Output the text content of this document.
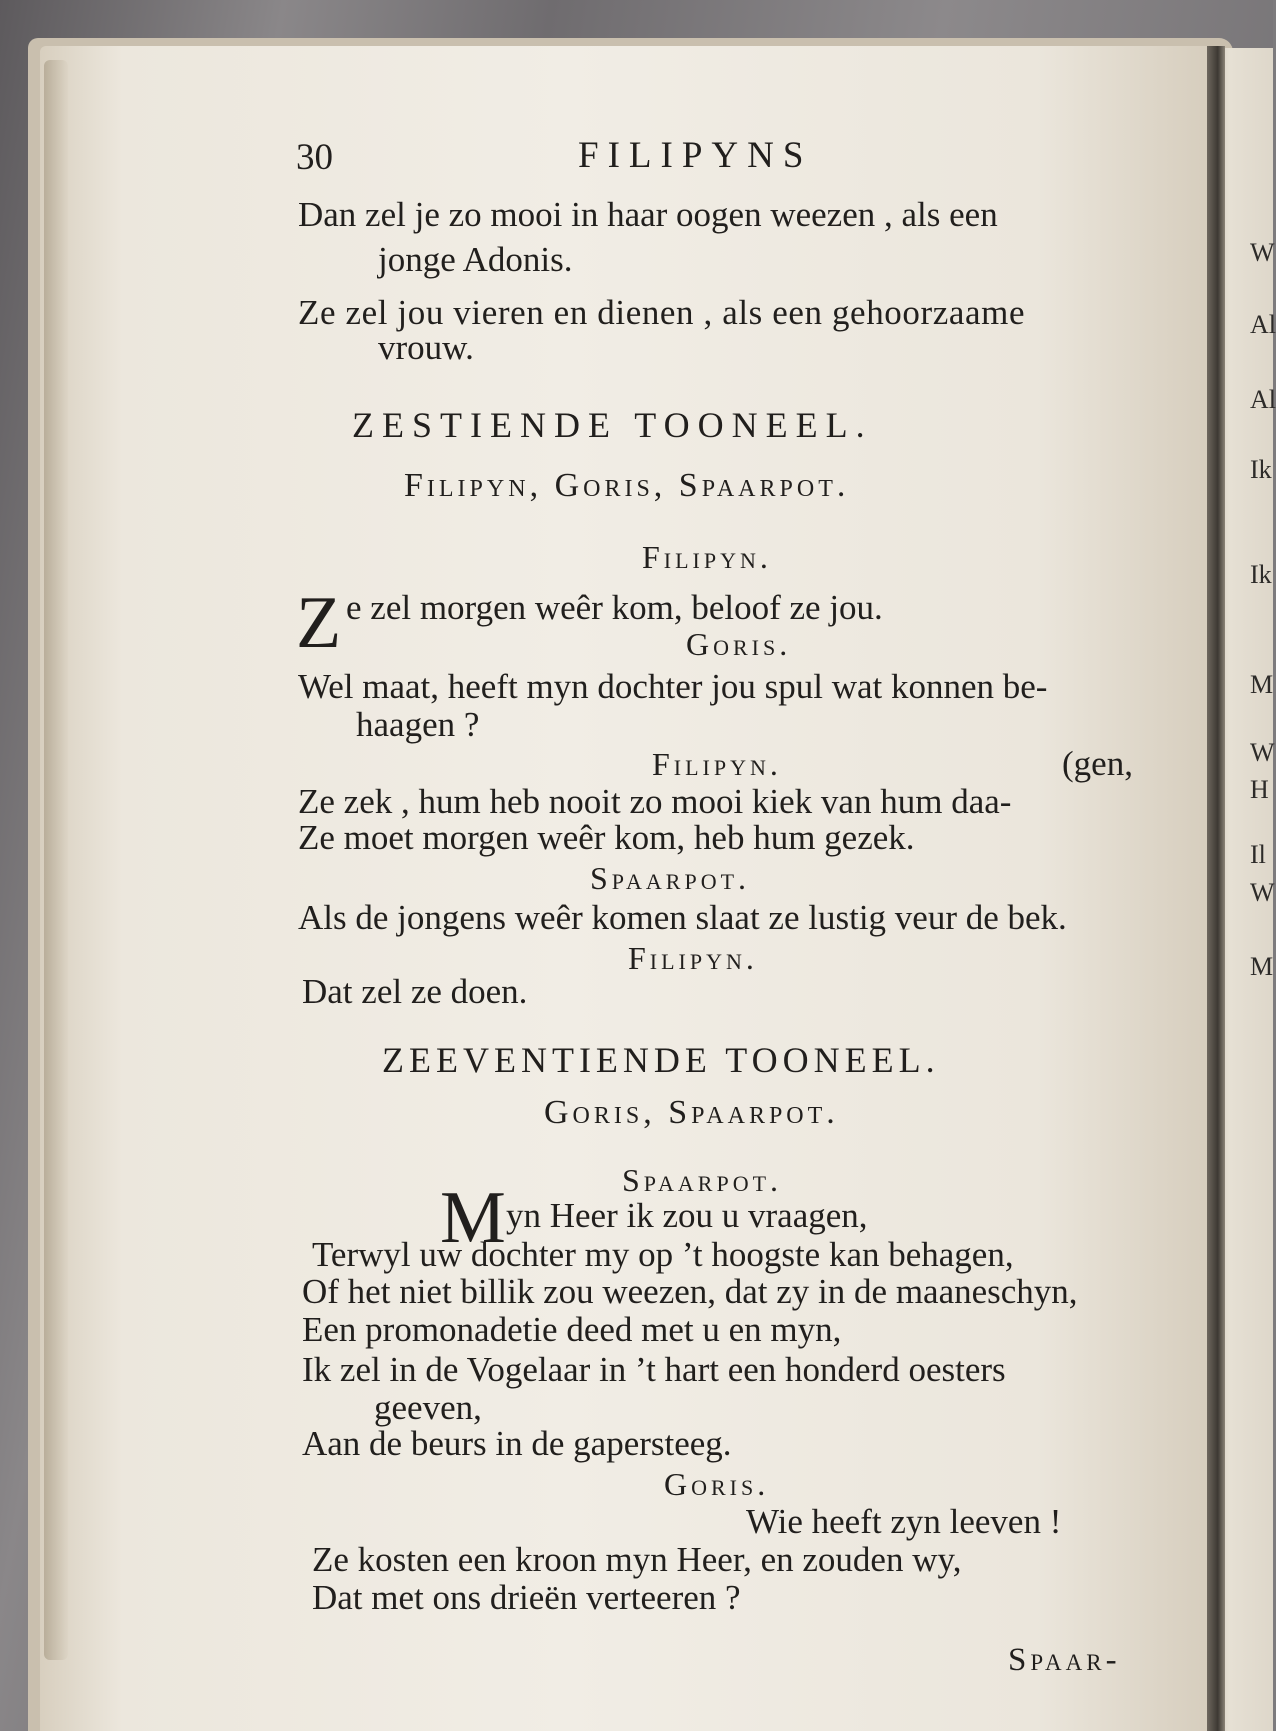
W
Al
Al
Ik
Ik
M
W
H
Il
W
M
30	FILIPYNS
Dan zel je zo mooi in haar oogen weezen , als een
jonge Adonis.
Ze zel jou vieren en dienen , als een gehoorzaame
vrouw.
ZESTIENDE TOONEEL.
Filipyn, Goris, Spaarpot.
Filipyn.
Z e zel morgen weêr kom, beloof ze jou.
Goris.
Wel maat, heeft myn dochter jou spul wat konnen be-
haagen ?
Filipyn.	(gen,
Ze zek , hum heb nooit zo mooi kiek van hum daa-
Ze moet morgen weêr kom, heb hum gezek.
Spaarpot.
Als de jongens weêr komen slaat ze lustig veur de bek.
Filipyn.
Dat zel ze doen.
ZEEVENTIENDE TOONEEL.
Goris, Spaarpot.
Spaarpot.
M yn Heer ik zou u vraagen,
Terwyl uw dochter my op ’t hoogste kan behagen,
Of het niet billik zou weezen, dat zy in de maaneschyn,
Een promonadetie deed met u en myn,
Ik zel in de Vogelaar in ’t hart een honderd oesters
geeven,
Aan de beurs in de gapersteeg.
Goris.
Wie heeft zyn leeven !
Ze kosten een kroon myn Heer, en zouden wy,
Dat met ons drieën verteeren ?
Spaar-
